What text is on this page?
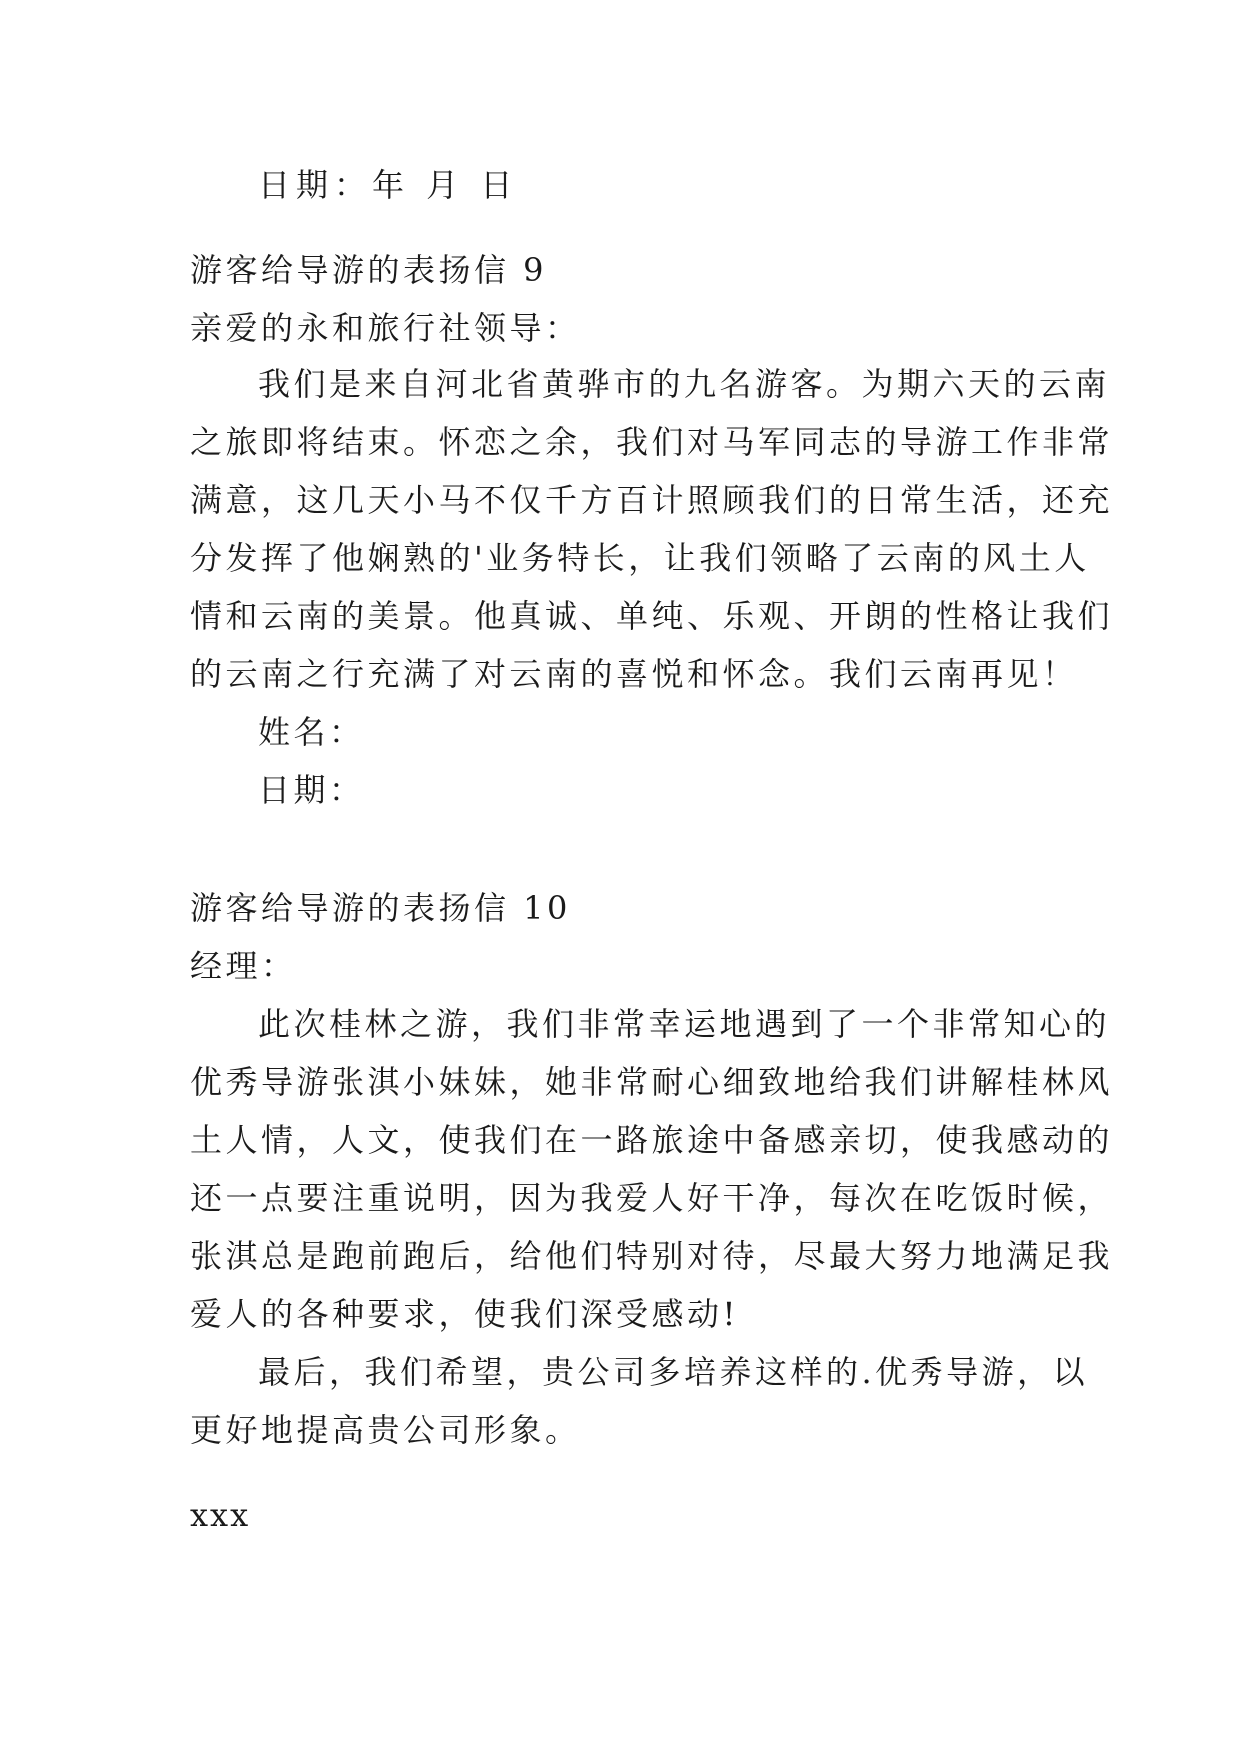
日期：年 月 日
游客给导游的表扬信 9
亲爱的永和旅行社领导：
我们是来自河北省黄骅市的九名游客。为期六天的云南
之旅即将结束。怀恋之余，我们对马军同志的导游工作非常
满意，这几天小马不仅千方百计照顾我们的日常生活，还充
分发挥了他娴熟的'业务特长，让我们领略了云南的风土人
情和云南的美景。他真诚、单纯、乐观、开朗的性格让我们
的云南之行充满了对云南的喜悦和怀念。我们云南再见！
姓名：
日期：
游客给导游的表扬信 10
经理：
此次桂林之游，我们非常幸运地遇到了一个非常知心的
优秀导游张淇小妹妹，她非常耐心细致地给我们讲解桂林风
土人情，人文，使我们在一路旅途中备感亲切，使我感动的
还一点要注重说明，因为我爱人好干净，每次在吃饭时候，
张淇总是跑前跑后，给他们特别对待，尽最大努力地满足我
爱人的各种要求，使我们深受感动!
最后，我们希望，贵公司多培养这样的.优秀导游，以
更好地提高贵公司形象。
xxx
